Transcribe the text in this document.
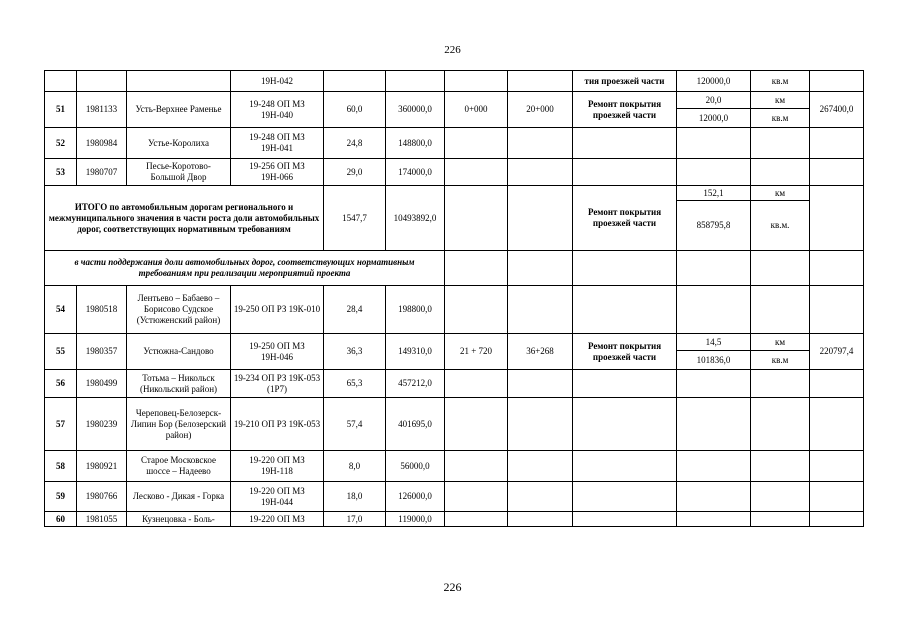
226
			19Н-042					тия проезжей части	120000,0	кв.м	
51	1981133	Усть-Верхнее Раменье	19-248 ОП МЗ 19Н-040	60,0	360000,0	0+000	20+000	Ремонт покрытия проезжей части	20,0	км	267400,0
									12000,0	кв.м	
52	1980984	Устье-Королиха	19-248 ОП МЗ 19Н-041	24,8	148800,0						
53	1980707	Песье-Коротово-Большой Двор	19-256 ОП МЗ 19Н-066	29,0	174000,0						
ИТОГО по автомобильным дорогам регионального и межмуниципального значения в части роста доли автомобильных дорог, соответствующих нормативным требованиям				1547,7	10493892,0			Ремонт покрытия проезжей части	152,1	км	
									858795,8	кв.м.	
в части поддержания доли автомобильных дорог, соответствующих нормативным требованиям при реализации мероприятий проекта											
54	1980518	Лентьево – Бабаево – Борисово Судское (Устюженский район)	19-250 ОП РЗ 19К-010	28,4	198800,0						
55	1980357	Устюжна-Сандово	19-250 ОП МЗ 19Н-046	36,3	149310,0	21 + 720	36+268	Ремонт покрытия проезжей части	14,5	км	220797,4
									101836,0	кв.м	
56	1980499	Тотьма – Никольск (Никольский район)	19-234 ОП РЗ 19К-053 (1Р7)	65,3	457212,0						
57	1980239	Череповец-Белозерск-Липин Бор (Белозерский район)	19-210 ОП РЗ 19К-053	57,4	401695,0						
58	1980921	Старое Московское шоссе – Надеево	19-220 ОП МЗ 19Н-118	8,0	56000,0						
59	1980766	Лесково - Дикая - Горка	19-220 ОП МЗ 19Н-044	18,0	126000,0						
60	1981055	Кузнецовка - Боль-	19-220 ОП МЗ	17,0	119000,0						
226
